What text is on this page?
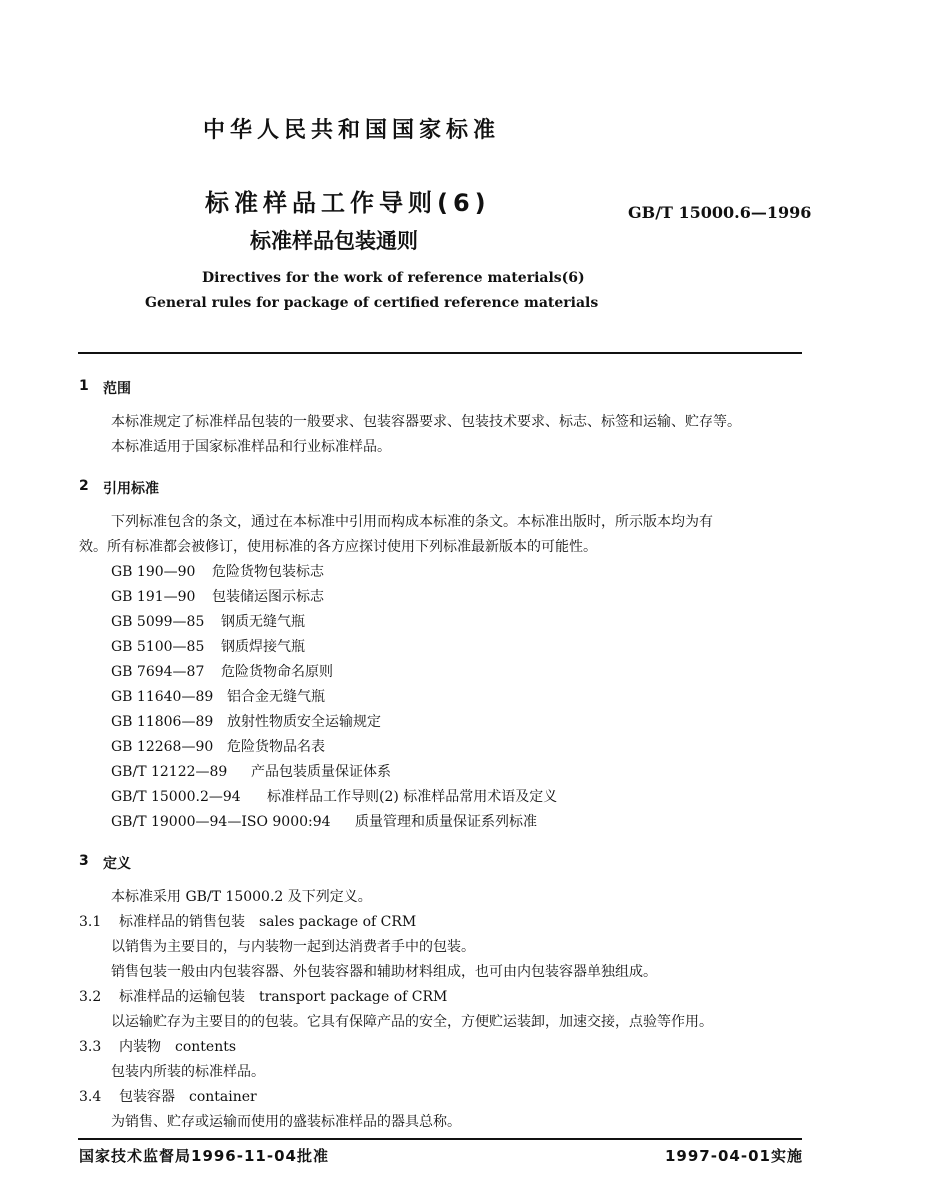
中华人民共和国国家标准
标准样品工作导则(6)
标准样品包装通则
GB/T 15000.6—1996
Directives for the work of reference materials(6)
General rules for package of certified reference materials
1 范围
本标准规定了标准样品包装的一般要求、包装容器要求、包装技术要求、标志、标签和运输、贮存等。
本标准适用于国家标准样品和行业标准样品。
2 引用标准
下列标准包含的条文，通过在本标准中引用而构成本标准的条文。本标准出版时，所示版本均为有
效。所有标准都会被修订，使用标准的各方应探讨使用下列标准最新版本的可能性。
GB 190—90 危险货物包装标志
GB 191—90 包装储运图示标志
GB 5099—85 钢质无缝气瓶
GB 5100—85 钢质焊接气瓶
GB 7694—87 危险货物命名原则
GB 11640—89 铝合金无缝气瓶
GB 11806—89 放射性物质安全运输规定
GB 12268—90 危险货物品名表
GB/T 12122—89 产品包装质量保证体系
GB/T 15000.2—94 标准样品工作导则(2) 标准样品常用术语及定义
GB/T 19000—94—ISO 9000:94 质量管理和质量保证系列标准
3 定义
本标准采用 GB/T 15000.2 及下列定义。
3.1 标准样品的销售包装 sales package of CRM
以销售为主要目的，与内装物一起到达消费者手中的包装。
销售包装一般由内包装容器、外包装容器和辅助材料组成，也可由内包装容器单独组成。
3.2 标准样品的运输包装 transport package of CRM
以运输贮存为主要目的的包装。它具有保障产品的安全，方便贮运装卸，加速交接，点验等作用。
3.3 内装物 contents
包装内所装的标准样品。
3.4 包装容器 container
为销售、贮存或运输而使用的盛装标准样品的器具总称。
国家技术监督局1996-11-04批准	1997-04-01实施
